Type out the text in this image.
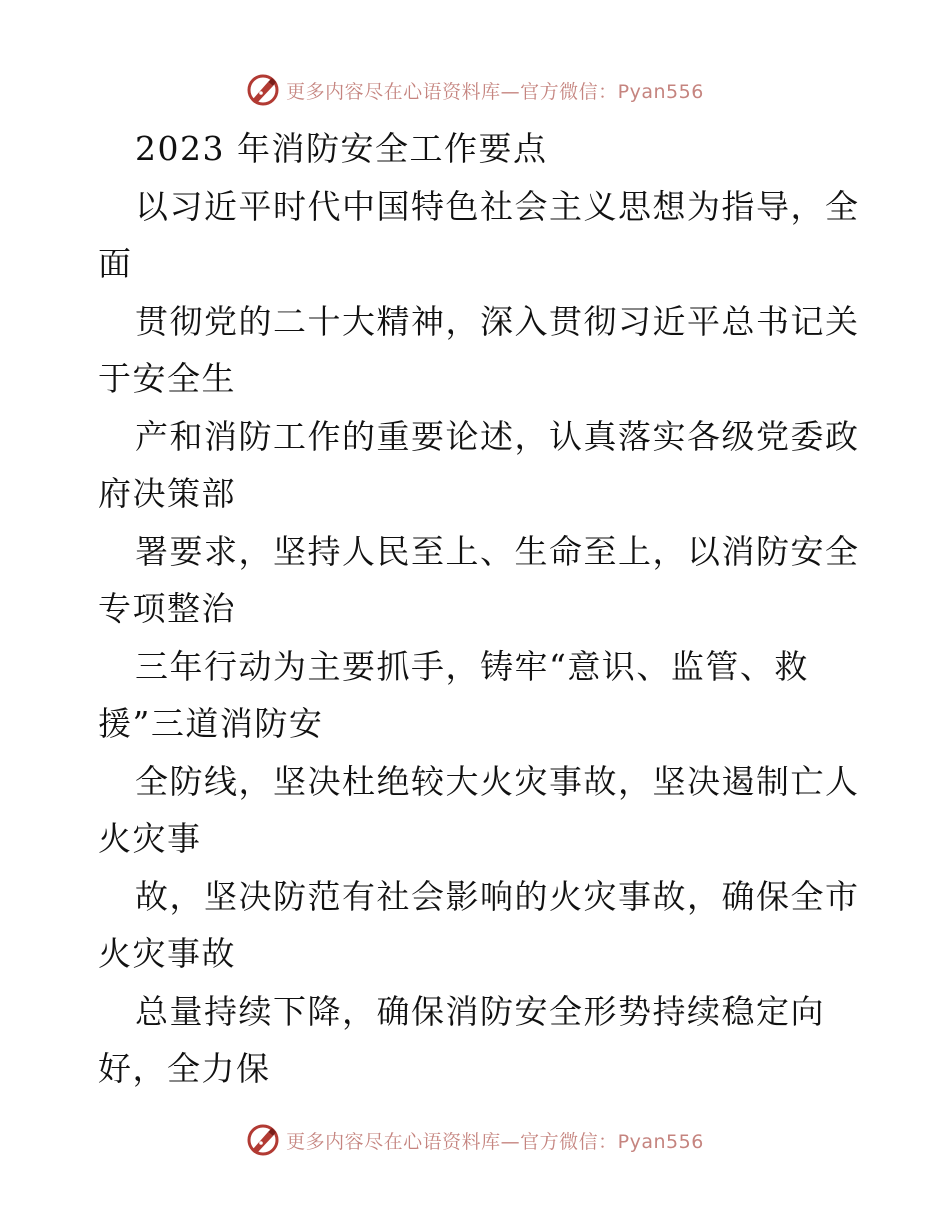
更多内容尽在心语资料库—官方微信：Pyan556
2023 年消防安全工作要点
以习近平时代中国特色社会主义思想为指导，全
面
贯彻党的二十大精神，深入贯彻习近平总书记关
于安全生
产和消防工作的重要论述，认真落实各级党委政
府决策部
署要求，坚持人民至上、生命至上，以消防安全
专项整治
三年行动为主要抓手，铸牢“意识、监管、救
援”三道消防安
全防线，坚决杜绝较大火灾事故，坚决遏制亡人
火灾事
故，坚决防范有社会影响的火灾事故，确保全市
火灾事故
总量持续下降，确保消防安全形势持续稳定向
好，全力保
更多内容尽在心语资料库—官方微信：Pyan556
